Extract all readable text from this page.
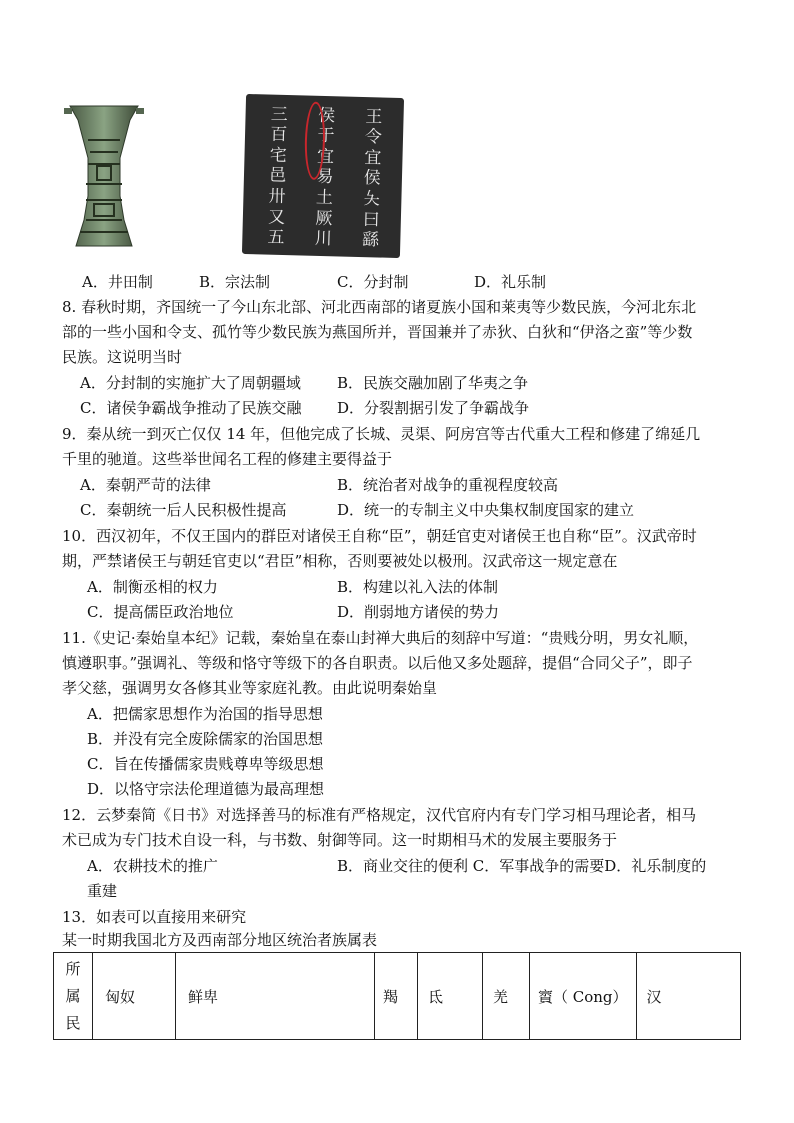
王
令
宜
侯
夨
曰
繇
侯
于
宜
易
土
厥
川
三
百
宅
邑
卅
又
五
A．井田制	B．宗法制	C．分封制	D．礼乐制
8. 春秋时期，齐国统一了今山东北部、河北西南部的诸夏族小国和莱夷等少数民族，今河北东北
部的一些小国和令支、孤竹等少数民族为燕国所并，晋国兼并了赤狄、白狄和“伊洛之蛮”等少数
民族。这说明当时
A．分封制的实施扩大了周朝疆域 B．民族交融加剧了华夷之争
C．诸侯争霸战争推动了民族交融 D．分裂割据引发了争霸战争
9．秦从统一到灭亡仅仅 14 年，但他完成了长城、灵渠、阿房宫等古代重大工程和修建了绵延几
千里的驰道。这些举世闻名工程的修建主要得益于
A．秦朝严苛的法律	B．统治者对战争的重视程度较高
C．秦朝统一后人民积极性提高	D．统一的专制主义中央集权制度国家的建立
10．西汉初年，不仅王国内的群臣对诸侯王自称“臣”，朝廷官吏对诸侯王也自称“臣”。汉武帝时
期，严禁诸侯王与朝廷官吏以“君臣”相称，否则要被处以极刑。汉武帝这一规定意在
A．制衡丞相的权力	B．构建以礼入法的体制
C．提高儒臣政治地位	D．削弱地方诸侯的势力
11.《史记·秦始皇本纪》记载，秦始皇在泰山封禅大典后的刻辞中写道：“贵贱分明，男女礼顺，
慎遵职事。”强调礼、等级和恪守等级下的各自职责。以后他又多处题辞，提倡“合同父子”，即子
孝父慈，强调男女各修其业等家庭礼教。由此说明秦始皇
A．把儒家思想作为治国的指导思想
B．并没有完全废除儒家的治国思想
C．旨在传播儒家贵贱尊卑等级思想
D．以恪守宗法伦理道德为最高理想
12．云梦秦简《日书》对选择善马的标准有严格规定，汉代官府内有专门学习相马理论者，相马
术已成为专门技术自设一科，与书数、射御等同。这一时期相马术的发展主要服务于
A．农耕技术的推广	B．商业交往的便利 C．军事战争的需要D．礼乐制度的
重建
13．如表可以直接用来研究
某一时期我国北方及西南部分地区统治者族属表
所
属
民
	匈奴	鲜卑	羯	氐	羌	賨（ Cong）	汉
